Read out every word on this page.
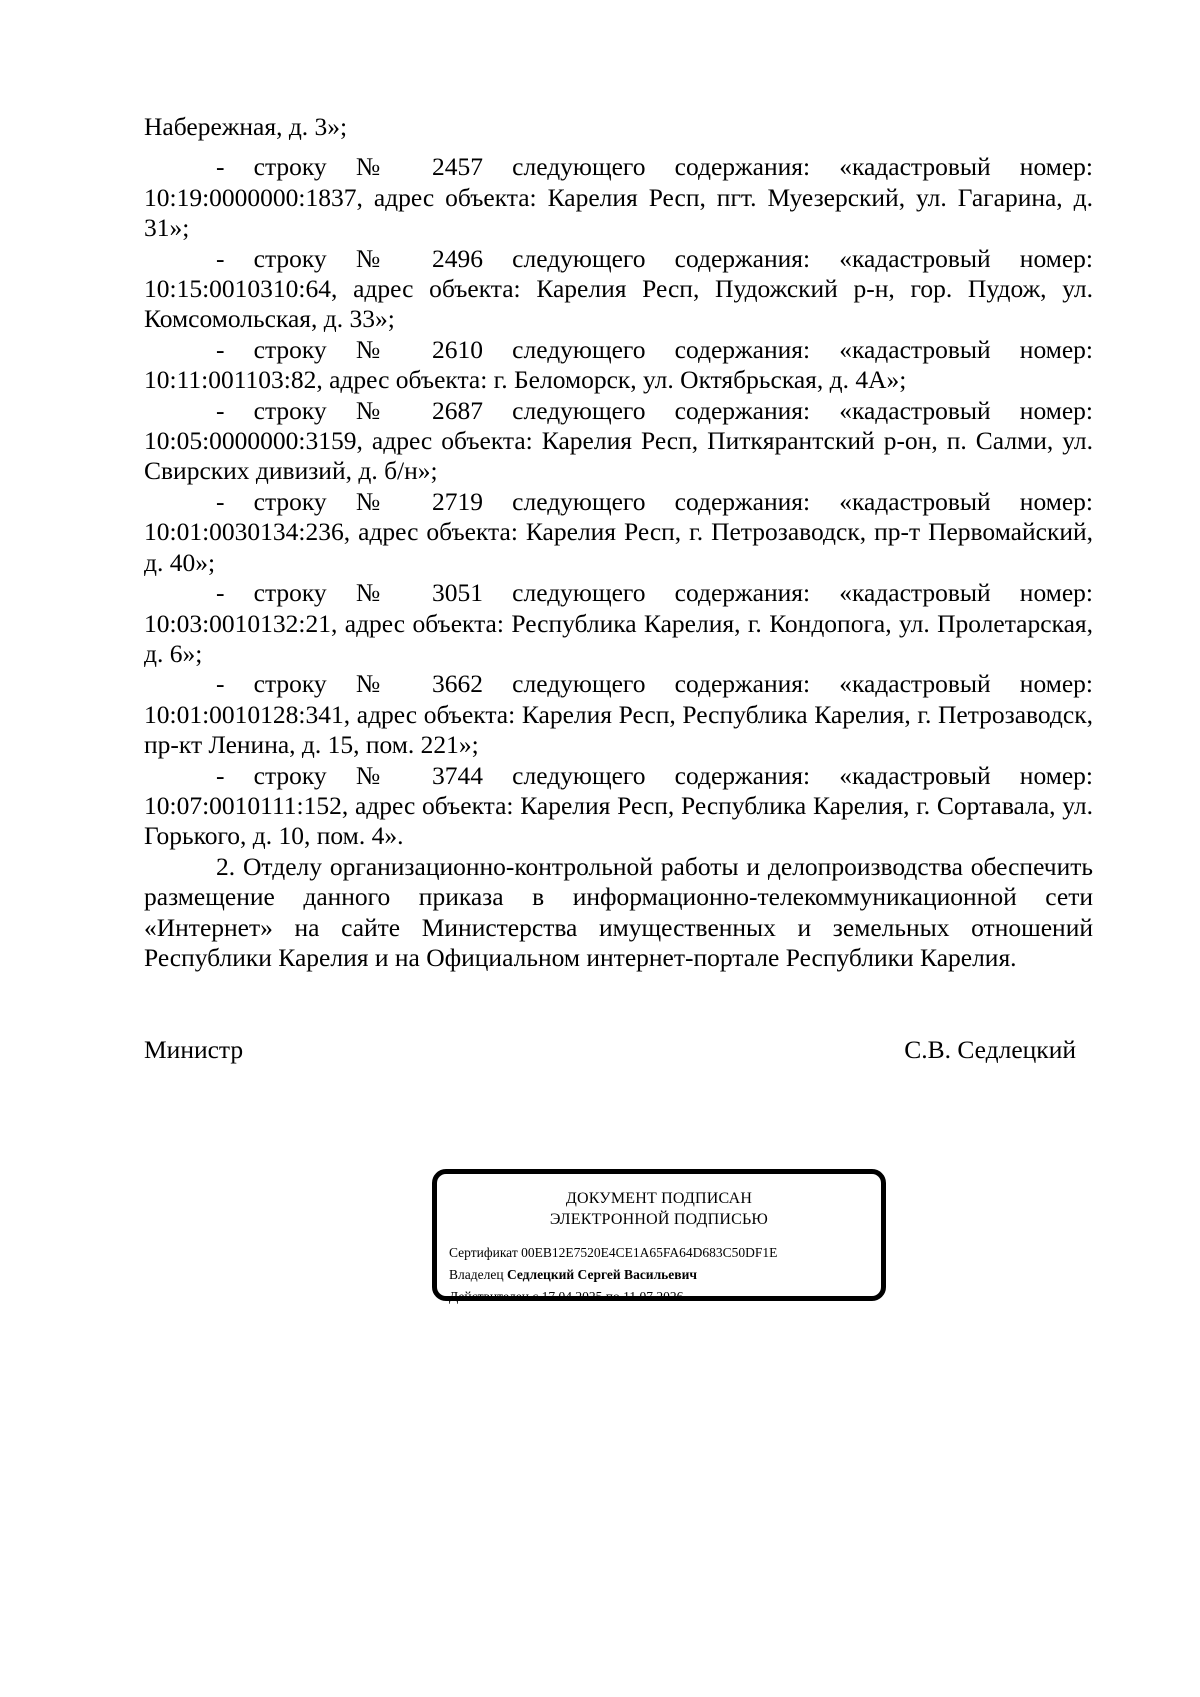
Набережная, д. 3»;

- строку № 2457 следующего содержания: «кадастровый номер: 10:19:0000000:1837, адрес объекта: Карелия Респ, пгт. Муезерский, ул. Гагарина, д. 31»;

- строку № 2496 следующего содержания: «кадастровый номер: 10:15:0010310:64, адрес объекта: Карелия Респ, Пудожский р-н, гор. Пудож, ул. Комсомольская, д. 33»;

- строку № 2610 следующего содержания: «кадастровый номер: 10:11:001103:82, адрес объекта: г. Беломорск, ул. Октябрьская, д. 4А»;

- строку № 2687 следующего содержания: «кадастровый номер: 10:05:0000000:3159, адрес объекта: Карелия Респ, Питкярантский р-он, п. Салми, ул. Свирских дивизий, д. б/н»;

- строку № 2719 следующего содержания: «кадастровый номер: 10:01:0030134:236, адрес объекта: Карелия Респ, г. Петрозаводск, пр-т Первомайский, д. 40»;

- строку № 3051 следующего содержания: «кадастровый номер: 10:03:0010132:21, адрес объекта: Республика Карелия, г. Кондопога, ул. Пролетарская, д. 6»;

- строку № 3662 следующего содержания: «кадастровый номер: 10:01:0010128:341, адрес объекта: Карелия Респ, Республика Карелия, г. Петрозаводск, пр-кт Ленина, д. 15, пом. 221»;

- строку № 3744 следующего содержания: «кадастровый номер: 10:07:0010111:152, адрес объекта: Карелия Респ, Республика Карелия, г. Сортавала, ул. Горького, д. 10, пом. 4».

2. Отделу организационно-контрольной работы и делопроизводства обеспечить размещение данного приказа в информационно-телекоммуникационной сети «Интернет» на сайте Министерства имущественных и земельных отношений Республики Карелия и на Официальном интернет-портале Республики Карелия.

Министр	С.В. Седлецкий
ДОКУМЕНТ ПОДПИСАН
ЭЛЕКТРОННОЙ ПОДПИСЬЮ
Сертификат 00EB12E7520E4CE1A65FA64D683C50DF1E
Владелец Седлецкий Сергей Васильевич
Действителен с 17.04.2025 по 11.07.2026
